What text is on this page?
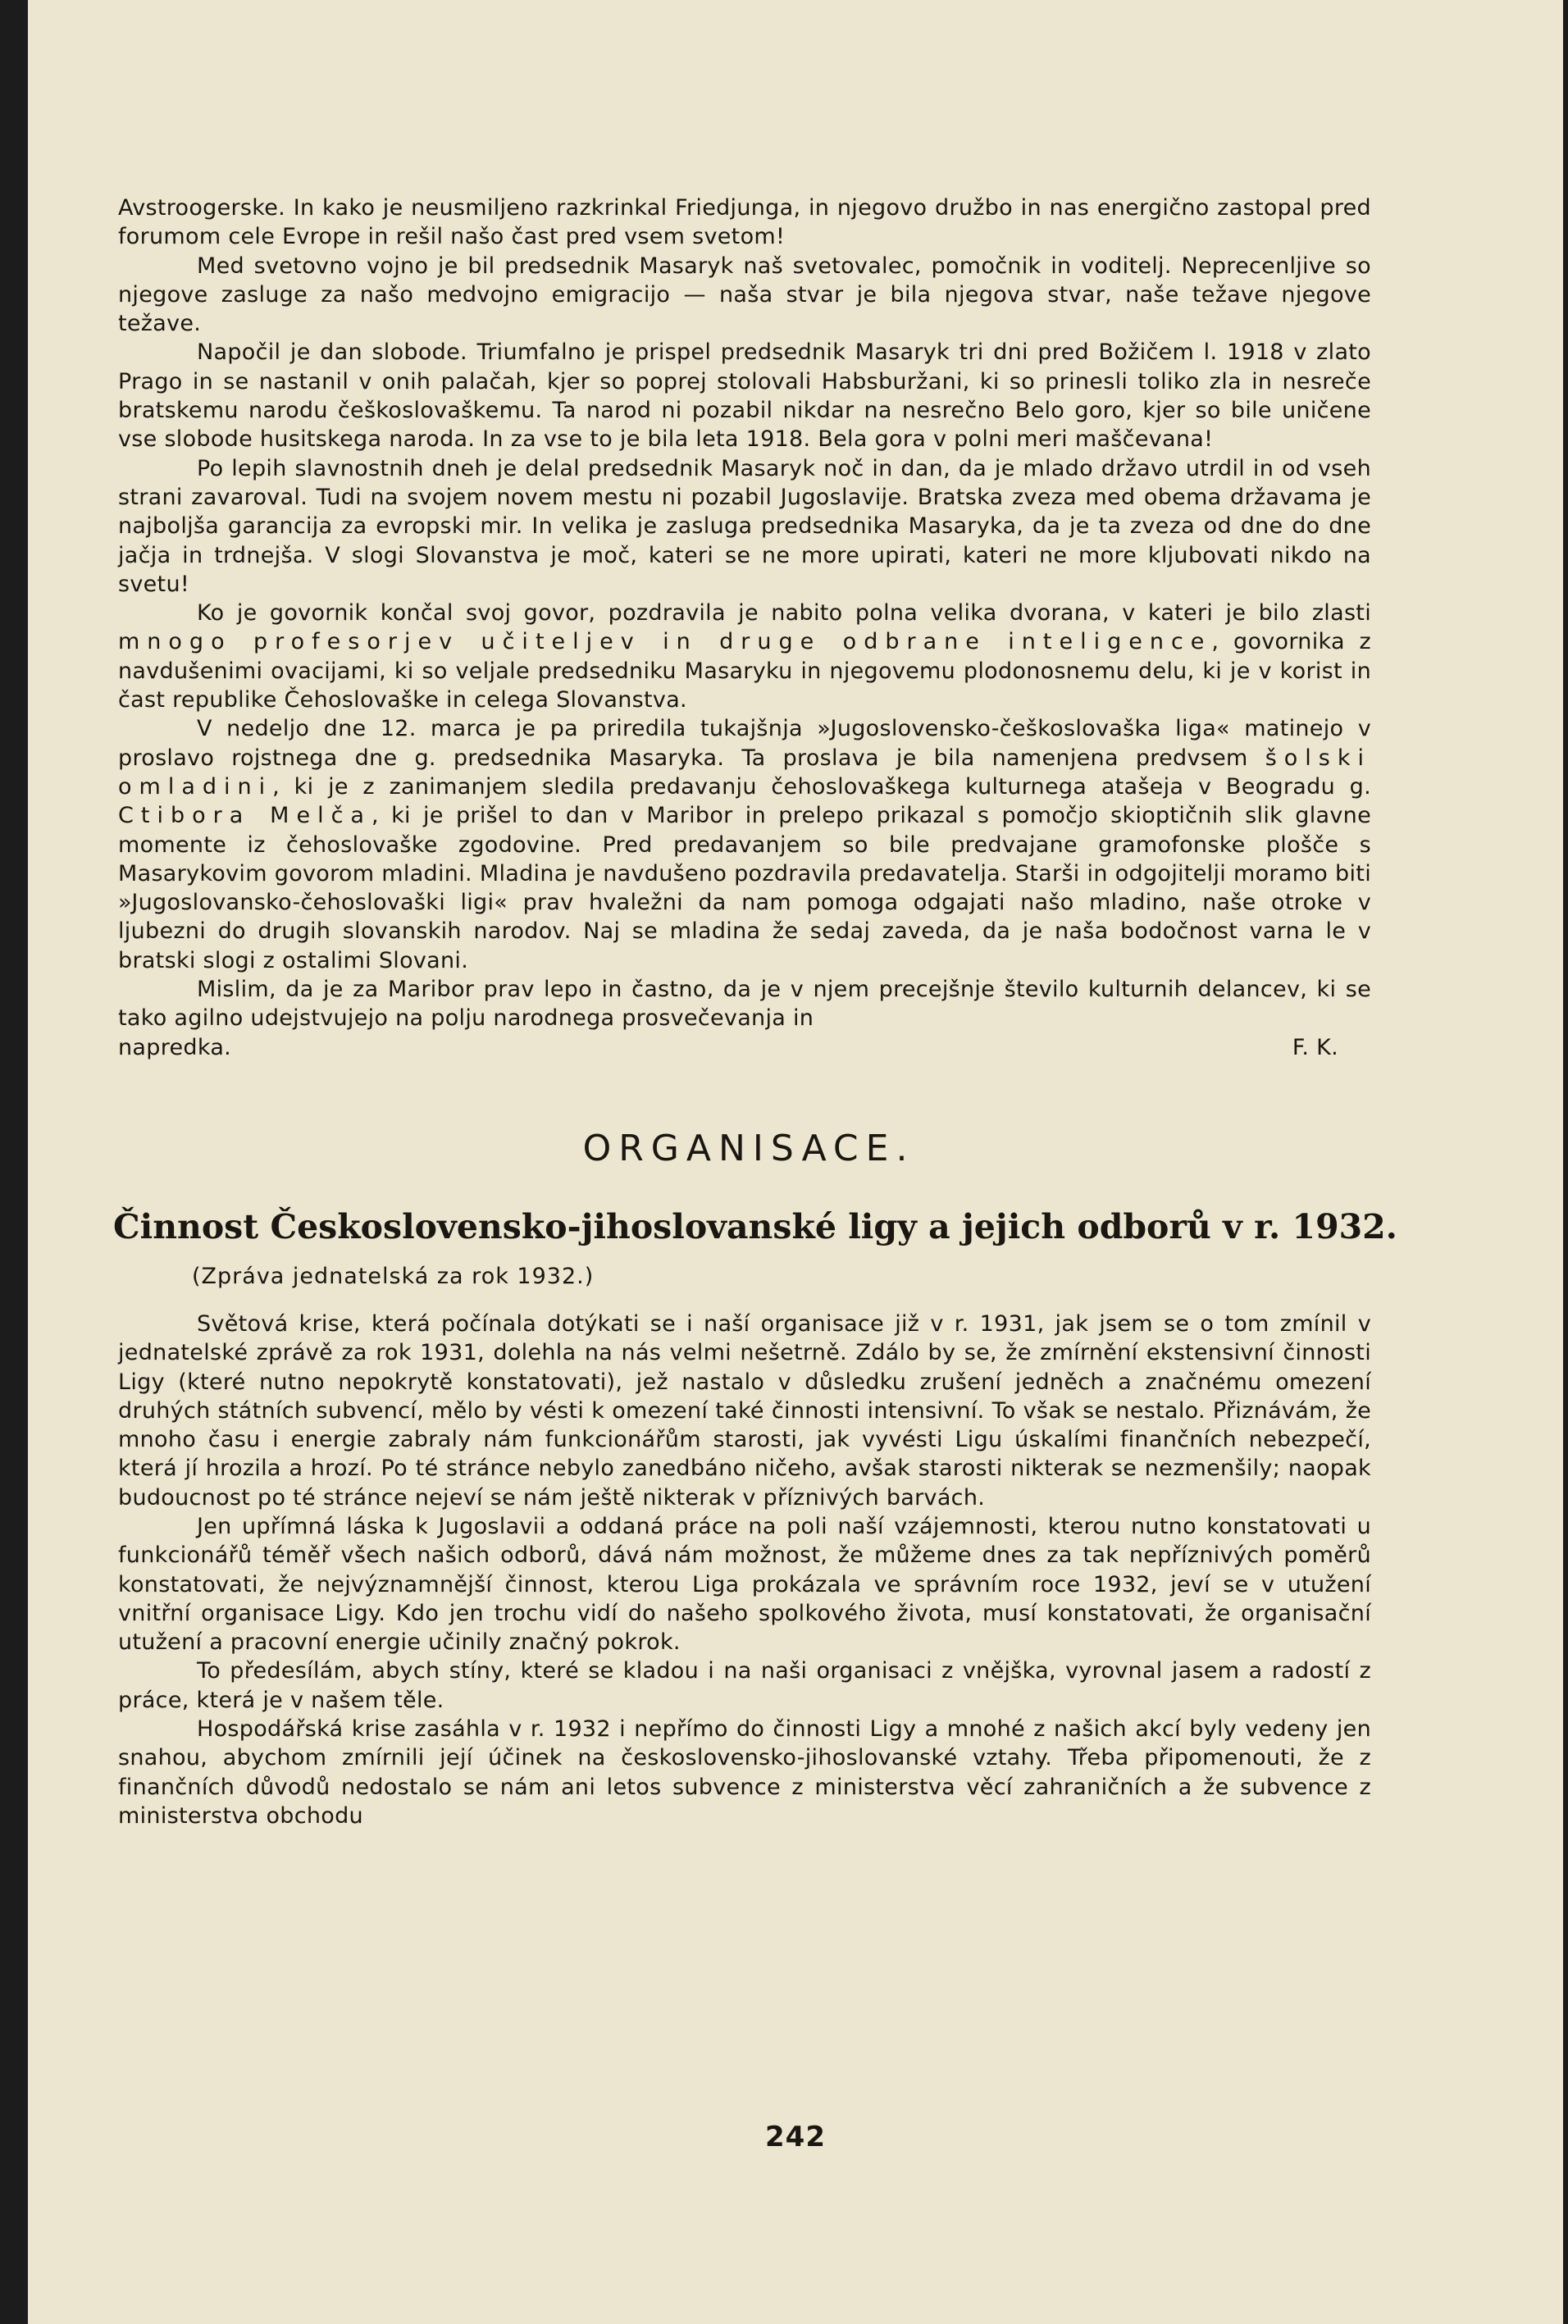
Avstroogerske. In kako je neusmiljeno razkrinkal Friedjunga, in njegovo družbo in nas energično zastopal pred forumom cele Evrope in rešil našo čast pred vsem svetom!

Med svetovno vojno je bil predsednik Masaryk naš svetovalec, pomočnik in voditelj. Neprecenljive so njegove zasluge za našo medvojno emigracijo — naša stvar je bila njegova stvar, naše težave njegove težave.

Napočil je dan slobode. Triumfalno je prispel predsednik Masaryk tri dni pred Božičem l. 1918 v zlato Prago in se nastanil v onih palačah, kjer so poprej stolovali Habsburžani, ki so prinesli toliko zla in nesreče bratskemu narodu češkoslovaškemu. Ta narod ni pozabil nikdar na nesrečno Belo goro, kjer so bile uničene vse slobode husitskega naroda. In za vse to je bila leta 1918. Bela gora v polni meri maščevana!

Po lepih slavnostnih dneh je delal predsednik Masaryk noč in dan, da je mlado državo utrdil in od vseh strani zavaroval. Tudi na svojem novem mestu ni pozabil Jugoslavije. Bratska zveza med obema državama je najboljša garancija za evropski mir. In velika je zasluga predsednika Masaryka, da je ta zveza od dne do dne jačja in trdnejša. V slogi Slovanstva je moč, kateri se ne more upirati, kateri ne more kljubovati nikdo na svetu!

Ko je govornik končal svoj govor, pozdravila je nabito polna velika dvorana, v kateri je bilo zlasti mnogo profesorjev učiteljev in druge odbrane inteligence, govornika z navdušenimi ovacijami, ki so veljale predsedniku Masaryku in njegovemu plodonosnemu delu, ki je v korist in čast republike Čehoslovaške in celega Slovanstva.

V nedeljo dne 12. marca je pa priredila tukajšnja »Jugoslovensko-češkoslovaška liga« matinejo v proslavo rojstnega dne g. predsednika Masaryka. Ta proslava je bila namenjena predvsem šolski omladini, ki je z zanimanjem sledila predavanju čehoslovaškega kulturnega atašeja v Beogradu g. Ctibora Melča, ki je prišel to dan v Maribor in prelepo prikazal s pomočjo skioptičnih slik glavne momente iz čehoslovaške zgodovine. Pred predavanjem so bile predvajane gramofonske plošče s Masarykovim govorom mladini. Mladina je navdušeno pozdravila predavatelja. Starši in odgojitelji moramo biti »Jugoslovansko-čehoslovaški ligi« prav hvaležni da nam pomoga odgajati našo mladino, naše otroke v ljubezni do drugih slovanskih narodov. Naj se mladina že sedaj zaveda, da je naša bodočnost varna le v bratski slogi z ostalimi Slovani.

Mislim, da je za Maribor prav lepo in častno, da je v njem precejšnje število kulturnih delancev, ki se tako agilno udejstvujejo na polju narodnega prosvečevanja in

napredka.	F. K.
ORGANISACE.
Činnost Československo-jihoslovanské ligy a jejich odborů v r. 1932.
(Zpráva jednatelská za rok 1932.)

Světová krise, která počínala dotýkati se i naší organisace již v r. 1931, jak jsem se o tom zmínil v jednatelské zprávě za rok 1931, dolehla na nás velmi nešetrně. Zdálo by se, že zmírnění ekstensivní činnosti Ligy (které nutno nepokrytě konstatovati), jež nastalo v důsledku zrušení jedněch a značnému omezení druhých státních subvencí, mělo by vésti k omezení také činnosti intensivní. To však se nestalo. Přiznávám, že mnoho času i energie zabraly nám funkcionářům starosti, jak vyvésti Ligu úskalími finančních nebezpečí, která jí hrozila a hrozí. Po té stránce nebylo zanedbáno ničeho, avšak starosti nikterak se nezmenšily; naopak budoucnost po té stránce nejeví se nám ještě nikterak v příznivých barvách.

Jen upřímná láska k Jugoslavii a oddaná práce na poli naší vzájemnosti, kterou nutno konstatovati u funkcionářů téměř všech našich odborů, dává nám možnost, že můžeme dnes za tak nepříznivých poměrů konstatovati, že nejvýznamnější činnost, kterou Liga prokázala ve správním roce 1932, jeví se v utužení vnitřní organisace Ligy. Kdo jen trochu vidí do našeho spolkového života, musí konstatovati, že organisační utužení a pracovní energie učinily značný pokrok.

To předesílám, abych stíny, které se kladou i na naši organisaci z vnějška, vyrovnal jasem a radostí z práce, která je v našem těle.

Hospodářská krise zasáhla v r. 1932 i nepřímo do činnosti Ligy a mnohé z našich akcí byly vedeny jen snahou, abychom zmírnili její účinek na československo-jihoslovanské vztahy. Třeba připomenouti, že z finančních důvodů nedostalo se nám ani letos subvence z ministerstva věcí zahraničních a že subvence z ministerstva obchodu

242
